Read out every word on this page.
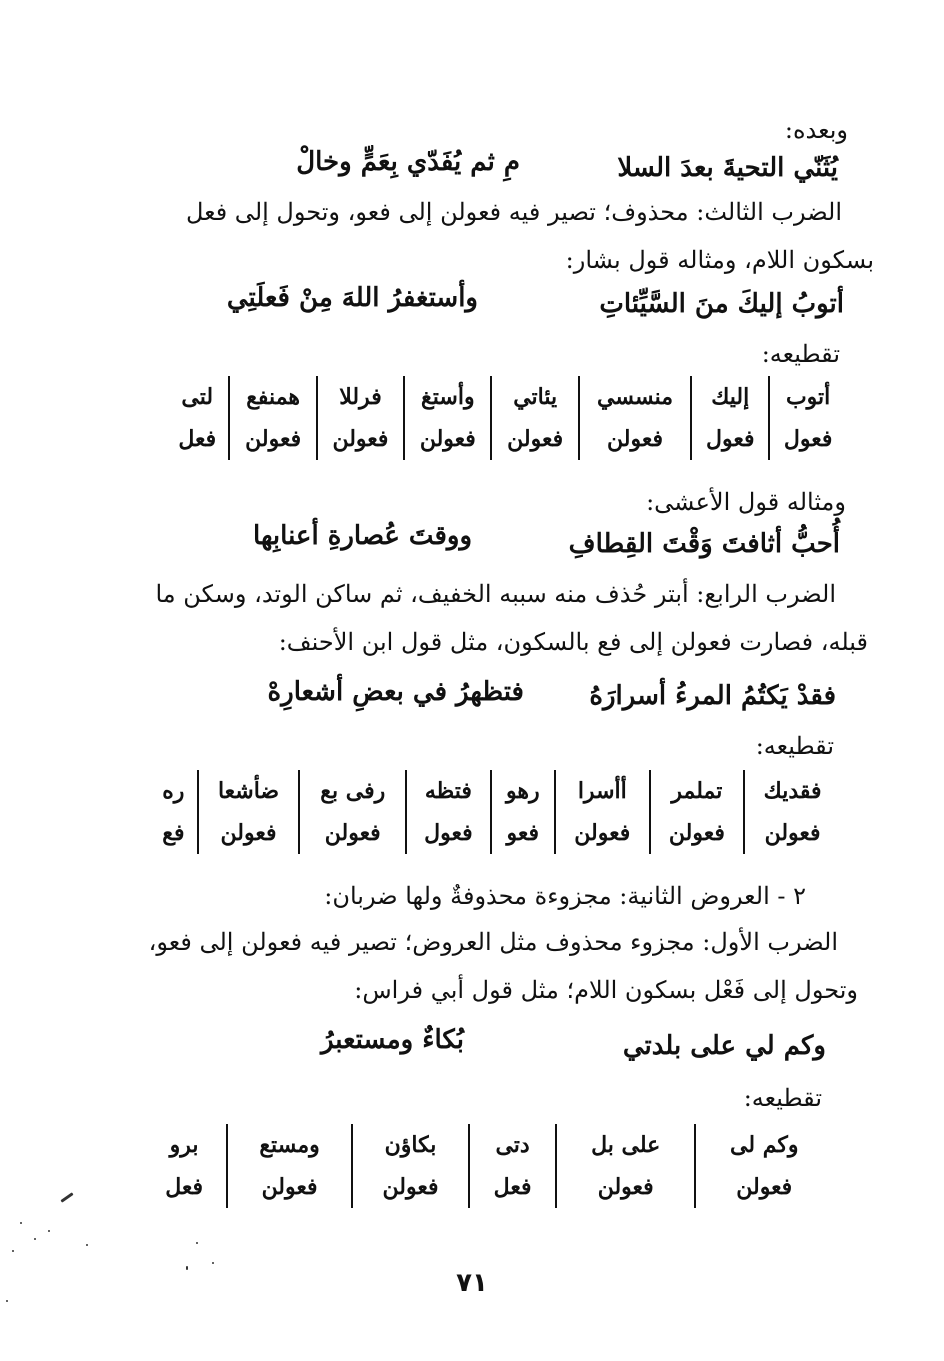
وبعده:
يُثَنّي التحيةَ بعدَ السلا
مِ ثم يُفَدّي بِعَمٍّ وخالْ
الضرب الثالث: محذوف؛ تصير فيه فعولن إلى فعو، وتحول إلى فعل
بسكون اللام، ومثاله قول بشار:
أتوبُ إليكَ منَ السَّيِّئاتِ
وأستغفرُ اللهَ مِنْ فَعلَتِي
تقطيعه:
أتوب	إليك	منسسي	يئاتي	وأستغ	فرللا	همنفع	لتى
فعول	فعول	فعولن	فعولن	فعولن	فعولن	فعولن	فعل
ومثاله قول الأعشى:
أُحبُّ أثافتَ وَقْتَ القِطافِ
ووقتَ عُصارةِ أعنابِها
الضرب الرابع: أبتر حُذف منه سببه الخفيف، ثم ساكن الوتد، وسكن ما
قبله، فصارت فعولن إلى فع بالسكون، مثل قول ابن الأحنف:
فقدْ يَكتُمُ المرءُ أسرارَهُ
فتظهرُ في بعضِ أشعارِهْ
تقطيعه:
فقديك	تملمر	أأسرا	رهو	فتظه	رفى بع	ضأشعا	ره
فعولن	فعولن	فعولن	فعو	فعول	فعولن	فعولن	فع
٢ - العروض الثانية: مجزوءة محذوفةٌ ولها ضربان:
الضرب الأول: مجزوء محذوف مثل العروض؛ تصير فيه فعولن إلى فعو،
وتحول إلى فَعْل بسكون اللام؛ مثل قول أبي فراس:
وكم لي على بلدتي
بُكاءٌ ومستعبرُ
تقطيعه:
وكم لى	على بل	دتى	بكاؤن	ومستع	برو
فعولن	فعولن	فعل	فعولن	فعولن	فعل
٧١
